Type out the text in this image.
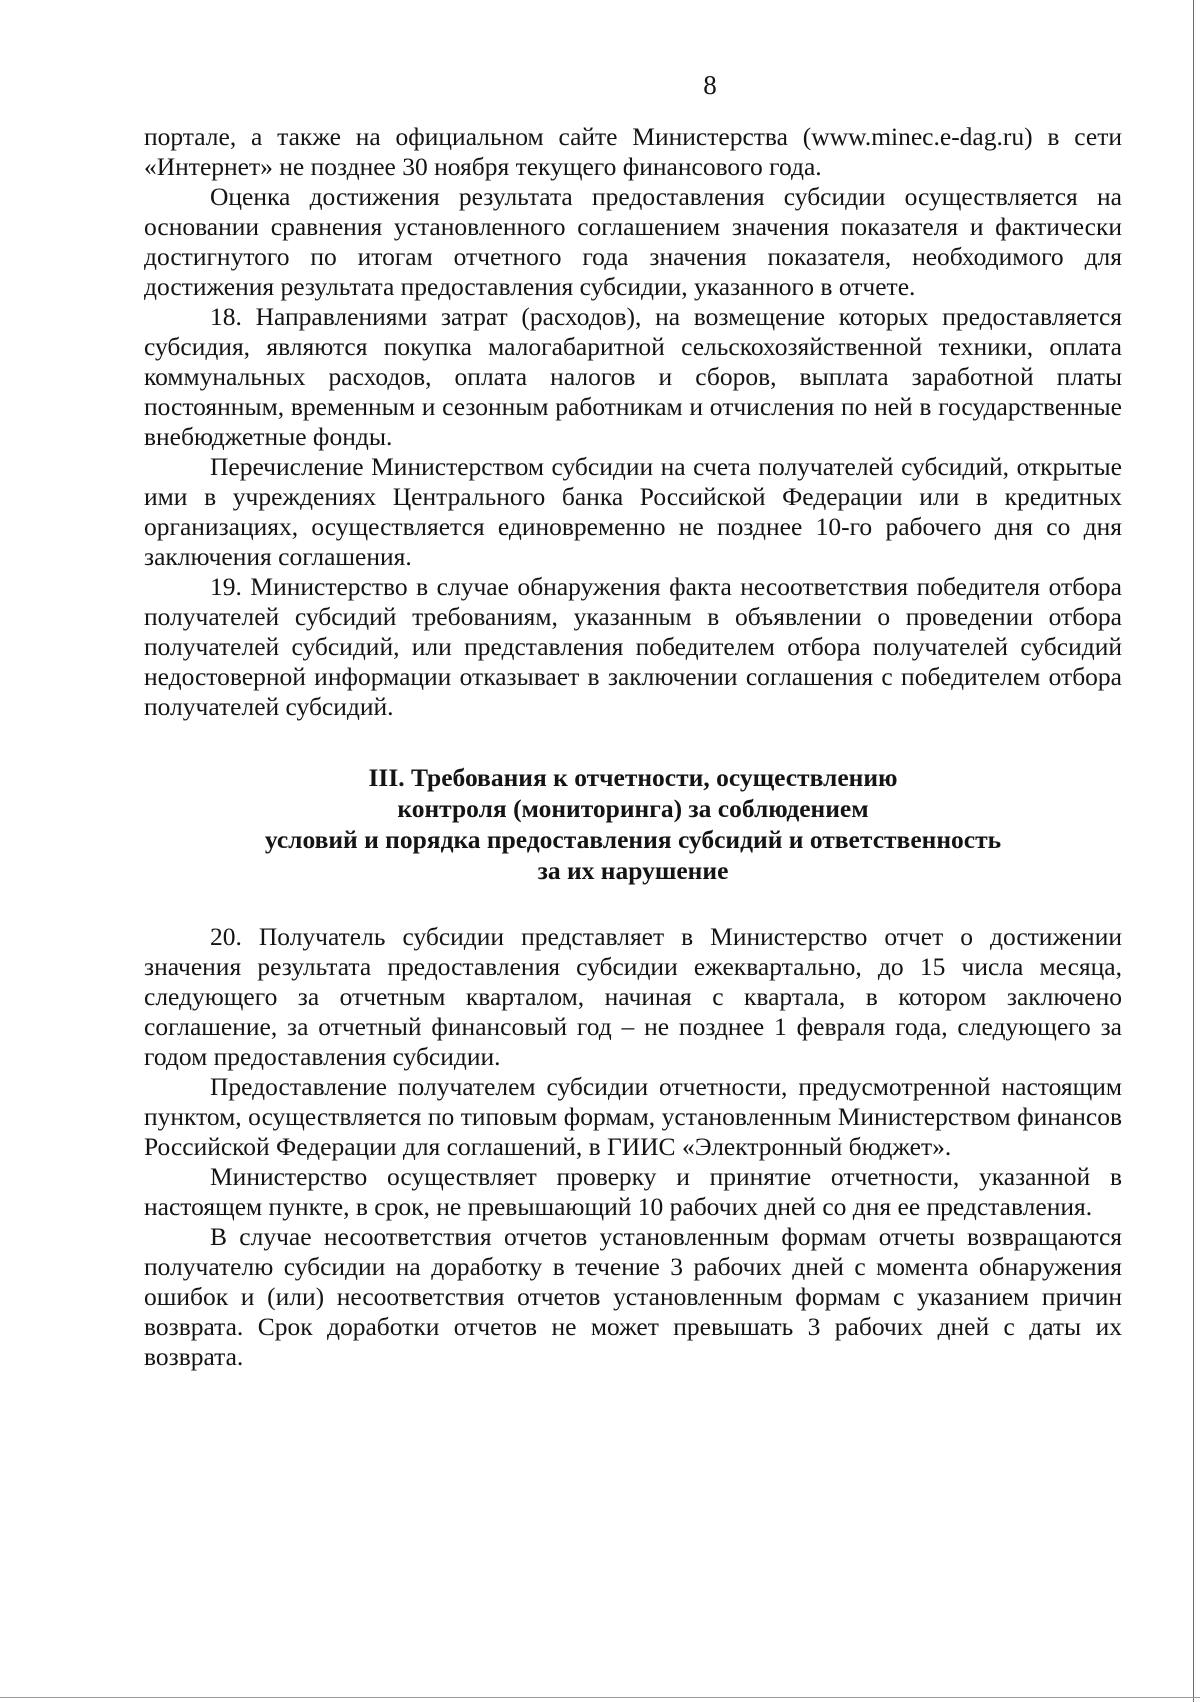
8

порталe, а также на официальном сайте Министерства (www.minec.e-dag.ru) в сети «Интернет» не позднее 30 ноября текущего финансового года.

Оценка достижения результата предоставления субсидии осуществляется на основании сравнения установленного соглашением значения показателя и фактически достигнутого по итогам отчетного года значения показателя, необходимого для достижения результата предоставления субсидии, указанного в отчете.

18. Направлениями затрат (расходов), на возмещение которых предоставляется субсидия, являются покупка малогабаритной сельскохозяйственной техники, оплата коммунальных расходов, оплата налогов и сборов, выплата заработной платы постоянным, временным и сезонным работникам и отчисления по ней в государственные внебюджетные фонды.

Перечисление Министерством субсидии на счета получателей субсидий, открытые ими в учреждениях Центрального банка Российской Федерации или в кредитных организациях, осуществляется единовременно не позднее 10-го рабочего дня со дня заключения соглашения.

19. Министерство в случае обнаружения факта несоответствия победителя отбора получателей субсидий требованиям, указанным в объявлении о проведении отбора получателей субсидий, или представления победителем отбора получателей субсидий недостоверной информации отказывает в заключении соглашения с победителем отбора получателей субсидий.

III. Требования к отчетности, осуществлению
контроля (мониторинга) за соблюдением
условий и порядка предоставления субсидий и ответственность
за их нарушение

20. Получатель субсидии представляет в Министерство отчет о достижении значения результата предоставления субсидии ежеквартально, до 15 числа месяца, следующего за отчетным кварталом, начиная с квартала, в котором заключено соглашение, за отчетный финансовый год – не позднее 1 февраля года, следующего за годом предоставления субсидии.

Предоставление получателем субсидии отчетности, предусмотренной настоящим пунктом, осуществляется по типовым формам, установленным Министерством финансов Российской Федерации для соглашений, в ГИИС «Электронный бюджет».

Министерство осуществляет проверку и принятие отчетности, указанной в настоящем пункте, в срок, не превышающий 10 рабочих дней со дня ее представления.

В случае несоответствия отчетов установленным формам отчеты возвращаются получателю субсидии на доработку в течение 3 рабочих дней с момента обнаружения ошибок и (или) несоответствия отчетов установленным формам с указанием причин возврата. Срок доработки отчетов не может превышать 3 рабочих дней с даты их возврата.
